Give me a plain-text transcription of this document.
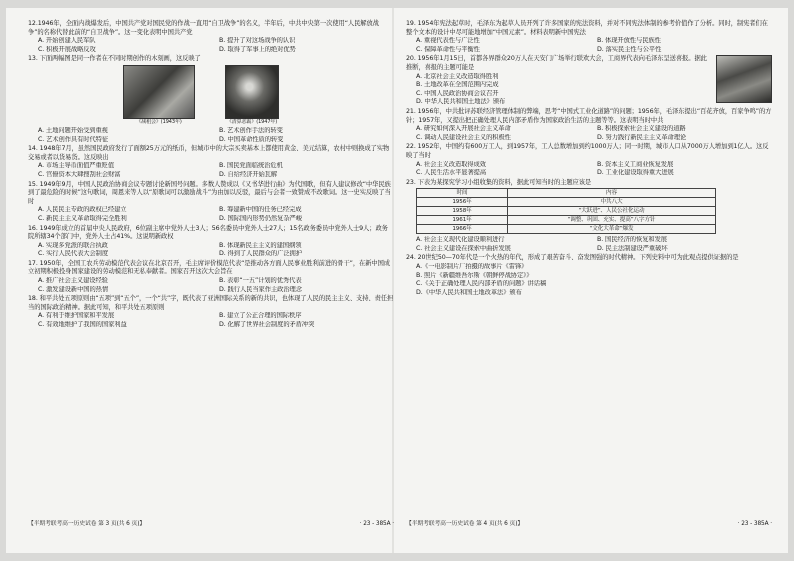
12.1946年，全面内战爆发后，中国共产党对国民党的作战一直用“自卫战争”的名义，半年后，中共中央第一次使用“人民解放战争”的名称代替此前的“自卫战争”。这一变化表明中国共产党
A. 开始创建人民军队	B. 提升了对这场战争的认识
C. 积极开展战略反攻	D. 取得了军事上的绝对优势
13. 下面两幅图是同一作者在不同时期创作的木刻画，这反映了
《减租会》(1943年)	《清算恶霸》(1947年)
A. 土地问题开始受到重视	B. 艺术创作手法的转变
C. 艺术创作具有时代特征	D. 中国革命性质的转变
14. 1948年7月，虽然国民政府发行了面额25万元的纸币，但城市中的大宗买卖基本上都使用黄金、美元结算，农村中则换成了实物交易或者以货易货。这反映出
A. 市场主导币面值严重贬值	B. 国民党面临统治危机
C. 官僚资本大肆搜刮社会财富	D. 自给经济开始瓦解
15. 1949年9月，中国人民政治协商会议专题讨论新国号问题。多数人赞成以《又书华进行曲》为代国歌，但有人建议修改“中华民族到了最危险的时候”这句歌词，周恩来等人以“原歌词可以激励战斗”为由加以反驳，最后与会者一致赞成不改歌词。这一史实反映了当时
A. 人民民主专政的政权已经建立	B. 筹建新中国的任务已经完成
C. 新民主主义革命取得完全胜利	D. 国际国内形势仍然复杂严峻
16. 1949年成立的首届中央人民政府，6位副主席中党外人士3人；56名委员中党外人士27人；15名政务委员中党外人士9人；政务院所辖34个部门中，党外人士占41%。这说明新政权
A. 实现多党派的联合执政	B. 体现新民主主义的建国纲领
C. 实行人民代表大会制度	D. 得到了人民群众的广泛拥护
17. 1950年，全国工农兵劳动模范代表会议在北京召开，毛主席评价模范代表“是推动各方面人民事业胜利前进的骨干”，在新中国成立初期积极投身国家建设的劳动模范和无私奉献者。国家召开这次大会旨在
A. 推广社会主义建设经验	B. 表彰“一五”计划的优秀代表
C. 激发建设新中国的热情	D. 践行人民当家作主政治理念
18. 和平共处五项原则由“五项”到“五个”，一个“共”字，既代表了亚洲国际关系的新的共识，也体现了人民的民主主义、支持、责任担当的国际政治精神。据此可知，和平共处五项原则
A. 有利于维护国家和平发展	B. 建立了公正合理的国际秩序
C. 有效地维护了我国的国家利益	D. 化解了世界社会制度的矛盾冲突
【半期考联考高一历史试卷 第 3 页(共 6 页)】	· 23 - 385A ·
19. 1954年宪法起草时，毛泽东为起草人员开列了许多国家的宪法资料，并对不同宪法体制的参考价值作了分析。同时，制宪者们在整个文本的设计中尽可能地增加“中国元素”。材料表明新中国宪法
A. 重视代表性与广泛性	B. 体现开放性与民族性
C. 保障革命性与平衡性	D. 落实民主性与公平性
20. 1956年1月15日，首都各界群众20万人在天安门广场举行联欢大会，工商界代表向毛泽东呈送喜报。据此推断，喜报的主题可能是
A. 北京社会主义改造取得胜利
B. 土地改革在全国范围内完成
C. 中国人民政治协商会议召开
D. 中华人民共和国土地法》颁布
21. 1956年，中共批评苏联经济管理体制的弊端，思考“中国式工业化道路”的问题；1956年，毛泽东提出“百花齐放，百家争鸣”的方针；1957年，又提出把正确处理人民内部矛盾作为国家政治生活的主题等等。这表明当时中共
A. 研究如何深入开展社会主义革命	B. 积极探索社会主义建设的道路
C. 调动人民建设社会主义的积极性	D. 努力践行新民主主义革命理论
22. 1952年，中国约有600万工人，到1957年，工人总数增加到约1000万人；同一时期，城市人口从7000万人增加到1亿人。这反映了当时
A. 社会主义改造取得成效	B. 资本主义工商业恢复发展
C. 人民生活水平显著提高	D. 工业化建设取得重大进展
23. 下表为某探究学习小组收集的资料，据此可知当时的主题应该是
时间	内容
1956年	中共八大
1958年	“大跃进”、人民公社化运动
1961年	“调整、巩固、充实、提高”八字方针
1966年	“文化大革命”爆发
A. 社会主义现代化建设顺利进行	B. 国民经济的恢复和发展
C. 社会主义建设在探索中曲折发展	D. 民主法制建设严重破坏
24. 20世纪50—70年代是一个火热的年代，形成了艰苦奋斗、奋发图强的时代精神。下列史料中可为此观点提供证据的是
A.《一电影制片厂拍摄的故事片《雷锋》
B. 照片《新疆维吾尔斯《朝鲜停战协定》》
C.《关于正确处理人民内部矛盾的问题》讲话稿
D.《中华人民共和国土地改革法》颁布
【半期考联考高一历史试卷 第 4 页(共 6 页)】	· 23 - 385A ·
